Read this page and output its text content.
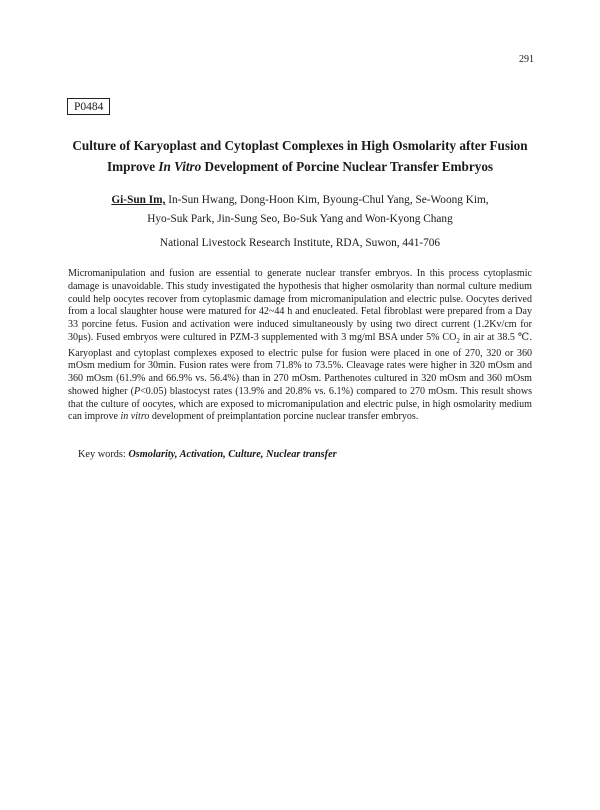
291
P0484
Culture of Karyoplast and Cytoplast Complexes in High Osmolarity after Fusion
Improve In Vitro Development of Porcine Nuclear Transfer Embryos
Gi-Sun Im, In-Sun Hwang, Dong-Hoon Kim, Byoung-Chul Yang, Se-Woong Kim,
Hyo-Suk Park, Jin-Sung Seo, Bo-Suk Yang and Won-Kyong Chang
National Livestock Research Institute, RDA, Suwon, 441-706

Micromanipulation and fusion are essential to generate nuclear transfer embryos. In this process cytoplasmic damage is unavoidable. This study investigated the hypothesis that higher osmolarity than normal culture medium could help oocytes recover from cytoplasmic damage from micromanipulation and electric pulse. Oocytes derived from a local slaughter house were matured for 42~44 h and enucleated. Fetal fibroblast were prepared from a Day 33 porcine fetus. Fusion and activation were induced simultaneously by using two direct current (1.2Kv/cm for 30μs). Fused embryos were cultured in PZM-3 supplemented with 3 mg/ml BSA under 5% $CO_2$ in air at 38.5 ℃. Karyoplast and cytoplast complexes exposed to electric pulse for fusion were placed in one of 270, 320 or 360 mOsm medium for 30min. Fusion rates were from 71.8% to 73.5%. Cleavage rates were higher in 320 mOsm and 360 mOsm (61.9% and 66.9% vs. 56.4%) than in 270 mOsm. Parthenotes cultured in 320 mOsm and 360 mOsm showed higher (P<0.05) blastocyst rates (13.9% and 20.8% vs. 6.1%) compared to 270 mOsm. This result shows that the culture of oocytes, which are exposed to micromanipulation and electric pulse, in high osmolarity medium can improve in vitro development of preimplantation porcine nuclear transfer embryos.

Key words: Osmolarity, Activation, Culture, Nuclear transfer
